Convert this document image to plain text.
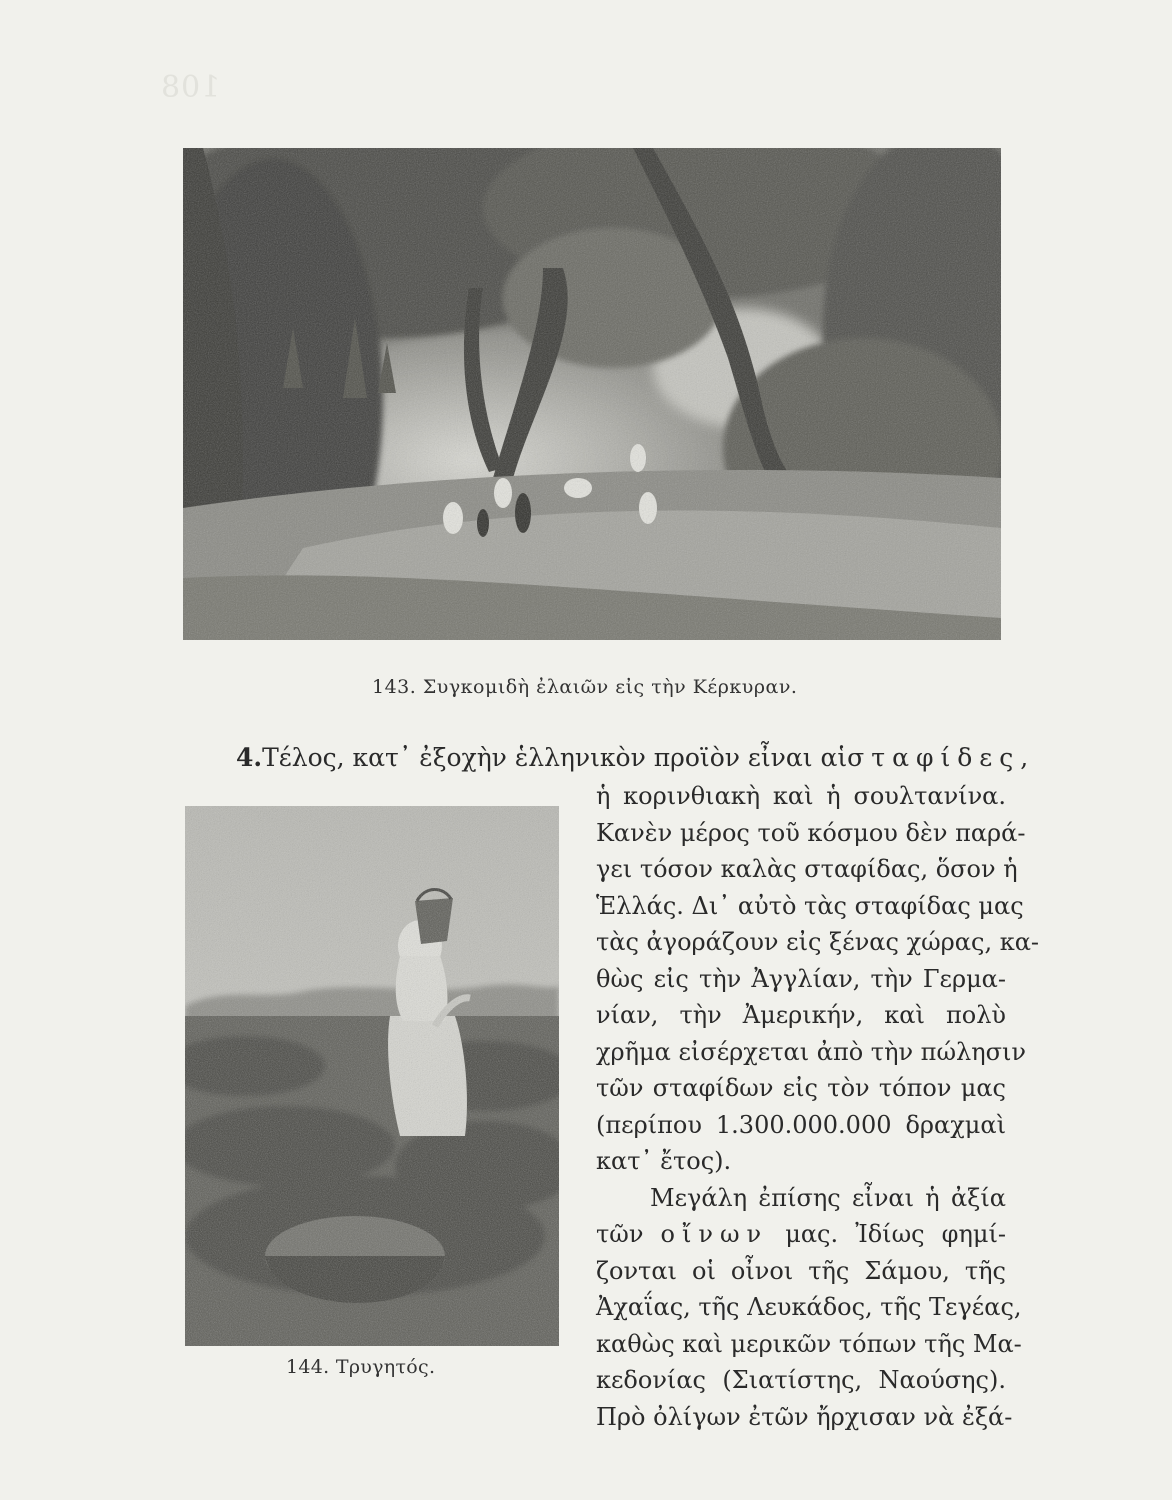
108
143. Συγκομιδὴ ἐλαιῶν εἰς τὴν Κέρκυραν.
4. Τέλος, κατ᾽ ἐξοχὴν ἑλληνικὸν προϊὸν εἶναι αἱ σταφίδες,
144. Τρυγητός.
ἡ κορινθιακὴ καὶ ἡ σουλτανίνα.
Κανὲν μέρος τοῦ κόσμου δὲν παρά-
γει τόσον καλὰς σταφίδας, ὅσον ἡ
Ἑλλάς. Δι᾽ αὐτὸ τὰς σταφίδας μας
τὰς ἀγοράζουν εἰς ξένας χώρας, κα-
θὼς εἰς τὴν Ἀγγλίαν, τὴν Γερμα-
νίαν, τὴν Ἀμερικήν, καὶ πολὺ
χρῆμα εἰσέρχεται ἀπὸ τὴν πώλησιν
τῶν σταφίδων εἰς τὸν τόπον μας
(περίπου 1.300.000.000 δραχμαὶ
κατ᾽ ἔτος).
Μεγάλη ἐπίσης εἶναι ἡ ἀξία
τῶν οἴνων μας. Ἰδίως φημί-
ζονται οἱ οἶνοι τῆς Σάμου, τῆς
Ἀχαΐας, τῆς Λευκάδος, τῆς Τεγέας,
καθὼς καὶ μερικῶν τόπων τῆς Μα-
κεδονίας (Σιατίστης, Ναούσης).
Πρὸ ὀλίγων ἐτῶν ἤρχισαν νὰ ἐξά-
